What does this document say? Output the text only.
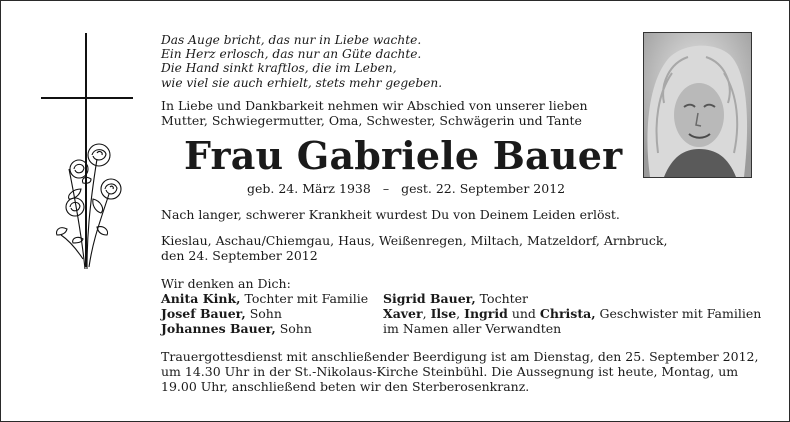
Das Auge bricht, das nur in Liebe wachte.
Ein Herz erlosch, das nur an Güte dachte.
Die Hand sinkt kraftlos, die im Leben,
wie viel sie auch erhielt, stets mehr gegeben.
In Liebe und Dankbarkeit nehmen wir Abschied von unserer lieben
Mutter, Schwiegermutter, Oma, Schwester, Schwägerin und Tante
Frau Gabriele Bauer
geb. 24. März 1938 – gest. 22. September 2012
Nach langer, schwerer Krankheit wurdest Du von Deinem Leiden erlöst.
Kieslau, Aschau/Chiemgau, Haus, Weißenregen, Miltach, Matzeldorf, Arnbruck,
den 24. September 2012
Wir denken an Dich:
Anita Kink, Tochter mit Familie
Josef Bauer, Sohn
Johannes Bauer, Sohn
Sigrid Bauer, Tochter
Xaver, Ilse, Ingrid und Christa, Geschwister mit Familien
im Namen aller Verwandten
Trauergottesdienst mit anschließender Beerdigung ist am Dienstag, den 25. September 2012,
um 14.30 Uhr in der St.-Nikolaus-Kirche Steinbühl. Die Aussegnung ist heute, Montag, um
19.00 Uhr, anschließend beten wir den Sterberosenkranz.
